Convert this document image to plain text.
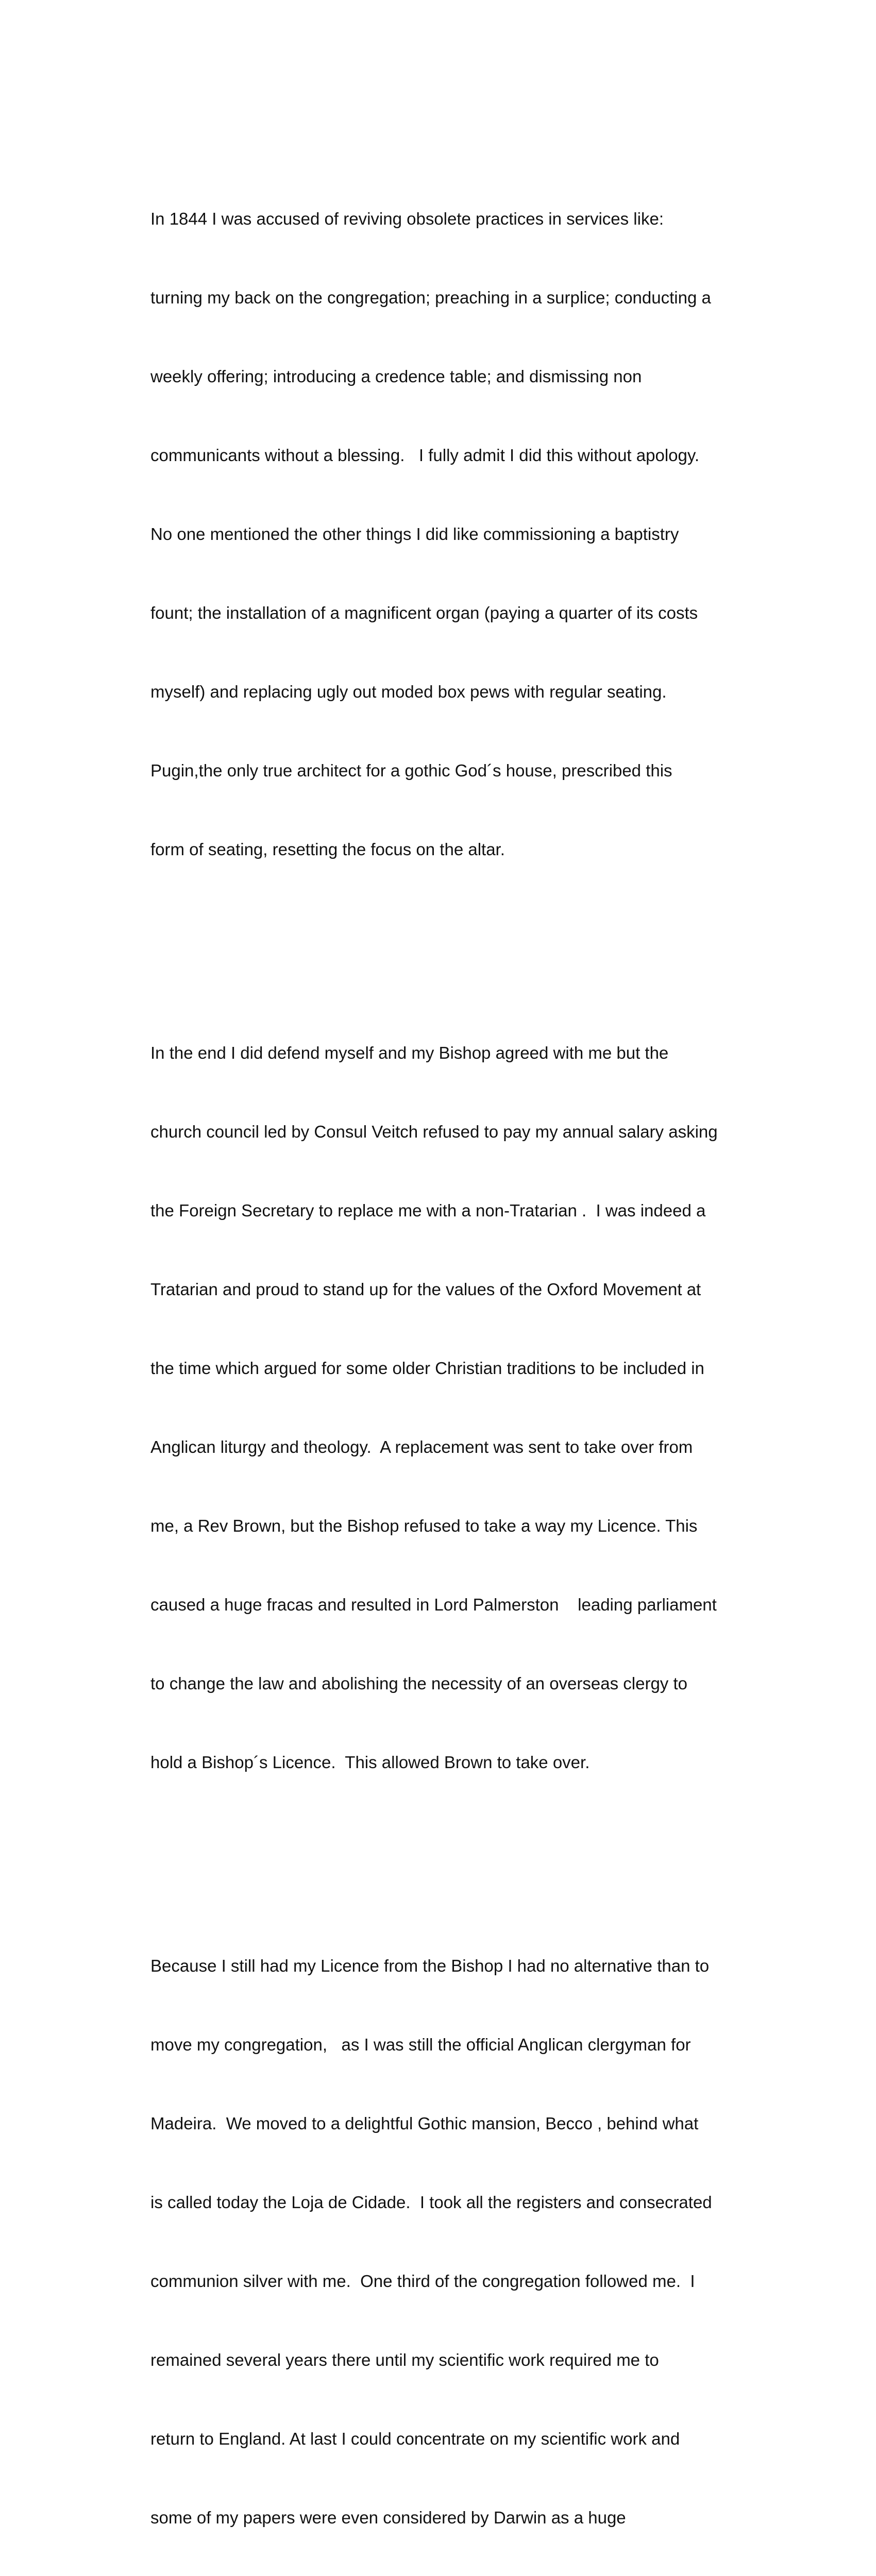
In 1844 I was accused of reviving obsolete practices in services like:

turning my back on the congregation; preaching in a surplice; conducting a

weekly offering; introducing a credence table; and dismissing non

communicants without a blessing.   I fully admit I did this without apology.

No one mentioned the other things I did like commissioning a baptistry

fount; the installation of a magnificent organ (paying a quarter of its costs

myself) and replacing ugly out moded box pews with regular seating.

Pugin,the only true architect for a gothic God´s house, prescribed this

form of seating, resetting the focus on the altar.

In the end I did defend myself and my Bishop agreed with me but the

church council led by Consul Veitch refused to pay my annual salary asking

the Foreign Secretary to replace me with a non-Tratarian .  I was indeed a

Tratarian and proud to stand up for the values of the Oxford Movement at

the time which argued for some older Christian traditions to be included in

Anglican liturgy and theology.  A replacement was sent to take over from

me, a Rev Brown, but the Bishop refused to take a way my Licence. This

caused a huge fracas and resulted in Lord Palmerston    leading parliament

to change the law and abolishing the necessity of an overseas clergy to

hold a Bishop´s Licence.  This allowed Brown to take over.

Because I still had my Licence from the Bishop I had no alternative than to

move my congregation,   as I was still the official Anglican clergyman for

Madeira.  We moved to a delightful Gothic mansion, Becco , behind what

is called today the Loja de Cidade.  I took all the registers and consecrated

communion silver with me.  One third of the congregation followed me.  I

remained several years there until my scientific work required me to

return to England. At last I could concentrate on my scientific work and

some of my papers were even considered by Darwin as a huge
